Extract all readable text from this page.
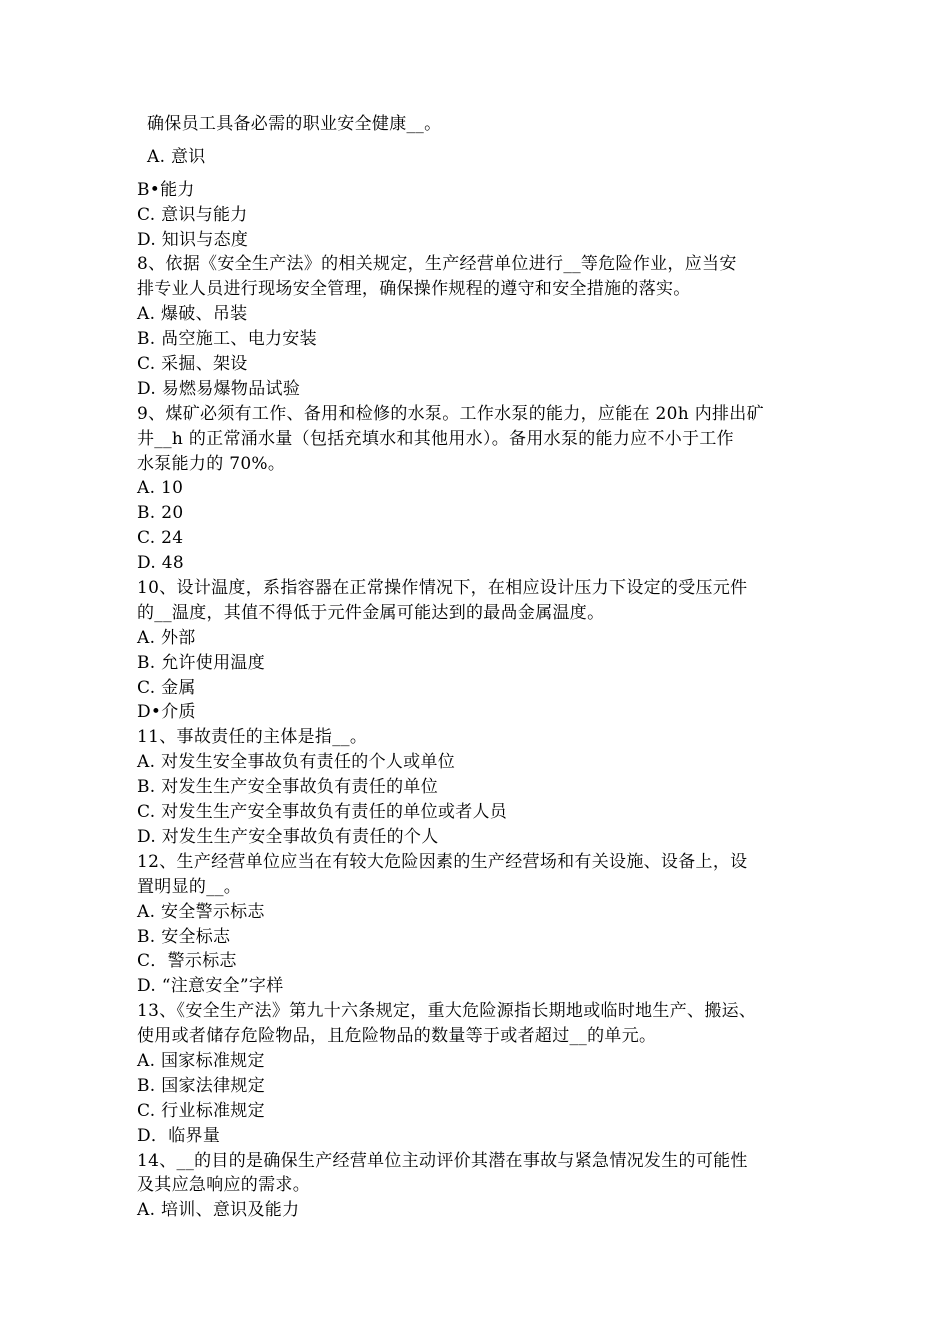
确保员工具备必需的职业安全健康__。
A. 意识
B•能力
C. 意识与能力
D. 知识与态度
8、依据《安全生产法》的相关规定，生产经营单位进行__等危险作业，应当安
排专业人员进行现场安全管理，确保操作规程的遵守和安全措施的落实。
A. 爆破、吊装
B. 咼空施工、电力安装
C. 采掘、架设
D. 易燃易爆物品试验
9、煤矿必须有工作、备用和检修的水泵。工作水泵的能力，应能在 20h 内排出矿
井__h 的正常涌水量（包括充填水和其他用水）。备用水泵的能力应不小于工作
水泵能力的 70%。
A. 10
B. 20
C. 24
D. 48
10、设计温度，系指容器在正常操作情况下，在相应设计压力下设定的受压元件
的__温度，其值不得低于元件金属可能达到的最咼金属温度。
A. 外部
B. 允许使用温度
C. 金属
D•介质
11、事故责任的主体是指__。
A. 对发生安全事故负有责任的个人或单位
B. 对发生生产安全事故负有责任的单位
C. 对发生生产安全事故负有责任的单位或者人员
D. 对发生生产安全事故负有责任的个人
12、生产经营单位应当在有较大危险因素的生产经营场和有关设施、设备上，设
置明显的__。
A. 安全警示标志
B. 安全标志
C．警示标志
D. “注意安全”字样
13、《安全生产法》第九十六条规定，重大危险源指长期地或临时地生产、搬运、
使用或者储存危险物品，且危险物品的数量等于或者超过__的单元。
A. 国家标准规定
B. 国家法律规定
C. 行业标准规定
D．临界量
14、__的目的是确保生产经营单位主动评价其潜在事故与紧急情况发生的可能性
及其应急响应的需求。
A. 培训、意识及能力
